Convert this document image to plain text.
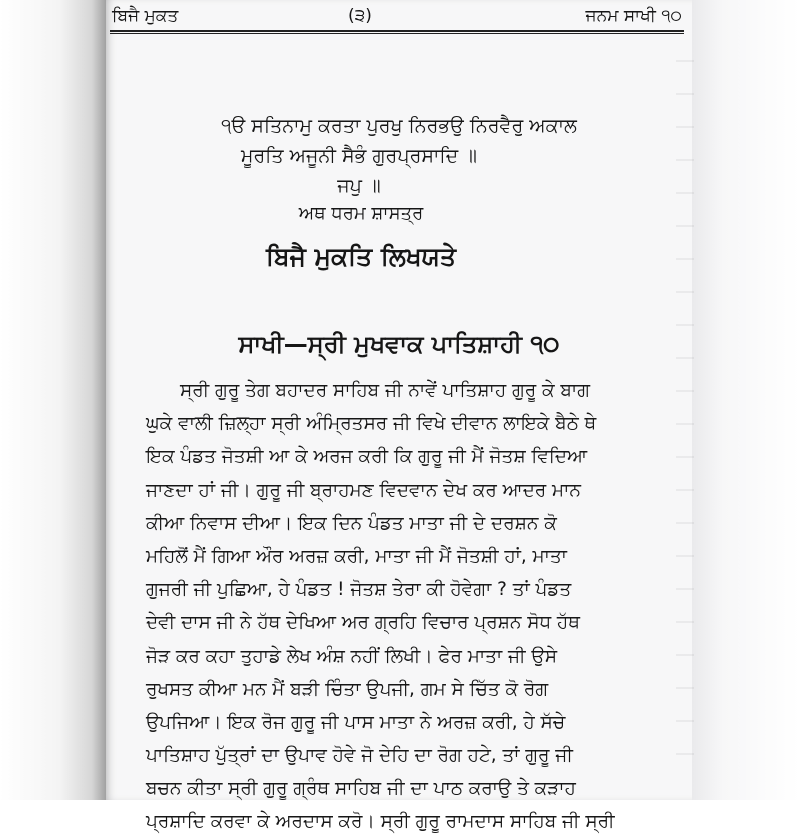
ਬਿਜੈ ਮੁਕਤ	(੩)	ਜਨਮ ਸਾਖੀ ੧੦
੧ੳ ਸਤਿਨਾਮੁ ਕਰਤਾ ਪੁਰਖੁ ਨਿਰਭਉ ਨਿਰਵੈਰੁ ਅਕਾਲ
ਮੂਰਤਿ ਅਜੂਨੀ ਸੈਭੰ ਗੁਰਪ੍ਰਸਾਦਿ ॥
ਜਪੁ ॥
ਅਥ ਧਰਮ ਸ਼ਾਸਤ੍ਰ
ਬਿਜੈ ਮੁਕਤਿ ਲਿਖਯਤੇ
ਸਾਖੀ—ਸ੍ਰੀ ਮੁਖਵਾਕ ਪਾਤਿਸ਼ਾਹੀ ੧੦
ਸ੍ਰੀ ਗੁਰੂ ਤੇਗ ਬਹਾਦਰ ਸਾਹਿਬ ਜੀ ਨਾਵੇਂ ਪਾਤਿਸ਼ਾਹ ਗੁਰੂ ਕੇ ਬਾਗ
ਘੁਕੇ ਵਾਲੀ ਜ਼ਿਲ੍ਹਾ ਸ੍ਰੀ ਅੰਮ੍ਰਿਤਸਰ ਜੀ ਵਿਖੇ ਦੀਵਾਨ ਲਾਇਕੇ ਬੈਠੇ ਥੇ
ਇਕ ਪੰਡਤ ਜੋਤਸ਼ੀ ਆ ਕੇ ਅਰਜ ਕਰੀ ਕਿ ਗੁਰੂ ਜੀ ਮੈਂ ਜੋਤਸ਼ ਵਿਦਿਆ
ਜਾਣਦਾ ਹਾਂ ਜੀ। ਗੁਰੂ ਜੀ ਬ੍ਰਾਹਮਣ ਵਿਦਵਾਨ ਦੇਖ ਕਰ ਆਦਰ ਮਾਨ
ਕੀਆ ਨਿਵਾਸ ਦੀਆ। ਇਕ ਦਿਨ ਪੰਡਤ ਮਾਤਾ ਜੀ ਦੇ ਦਰਸ਼ਨ ਕੋ
ਮਹਿਲੋਂ ਮੈਂ ਗਿਆ ਔਰ ਅਰਜ਼ ਕਰੀ, ਮਾਤਾ ਜੀ ਮੈਂ ਜੋਤਸ਼ੀ ਹਾਂ, ਮਾਤਾ
ਗੁਜਰੀ ਜੀ ਪੁਛਿਆ, ਹੇ ਪੰਡਤ ! ਜੋਤਸ਼ ਤੇਰਾ ਕੀ ਹੋਵੇਗਾ ? ਤਾਂ ਪੰਡਤ
ਦੇਵੀ ਦਾਸ ਜੀ ਨੇ ਹੱਥ ਦੇਖਿਆ ਅਰ ਗ੍ਰਹਿ ਵਿਚਾਰ ਪ੍ਰਸ਼ਨ ਸੋਧ ਹੱਥ
ਜੋੜ ਕਰ ਕਹਾ ਤੁਹਾਡੇ ਲੇਖ ਅੰਸ਼ ਨਹੀਂ ਲਿਖੀ। ਫੇਰ ਮਾਤਾ ਜੀ ਉਸੇ
ਰੁਖਸਤ ਕੀਆ ਮਨ ਮੈਂ ਬੜੀ ਚਿੰਤਾ ਉਪਜੀ, ਗਮ ਸੇ ਚਿੱਤ ਕੋ ਰੋਗ
ਉਪਜਿਆ। ਇਕ ਰੋਜ ਗੁਰੂ ਜੀ ਪਾਸ ਮਾਤਾ ਨੇ ਅਰਜ਼ ਕਰੀ, ਹੇ ਸੱਚੇ
ਪਾਤਿਸ਼ਾਹ ਪੁੱਤ੍ਰਾਂ ਦਾ ਉਪਾਵ ਹੋਵੇ ਜੋ ਦੇਹਿ ਦਾ ਰੋਗ ਹਟੇ, ਤਾਂ ਗੁਰੂ ਜੀ
ਬਚਨ ਕੀਤਾ ਸ੍ਰੀ ਗੁਰੂ ਗ੍ਰੰਥ ਸਾਹਿਬ ਜੀ ਦਾ ਪਾਠ ਕਰਾਉ ਤੇ ਕੜਾਹ
ਪ੍ਰਸ਼ਾਦਿ ਕਰਵਾ ਕੇ ਅਰਦਾਸ ਕਰੋ। ਸ੍ਰੀ ਗੁਰੂ ਰਾਮਦਾਸ ਸਾਹਿਬ ਜੀ ਸ੍ਰੀ
